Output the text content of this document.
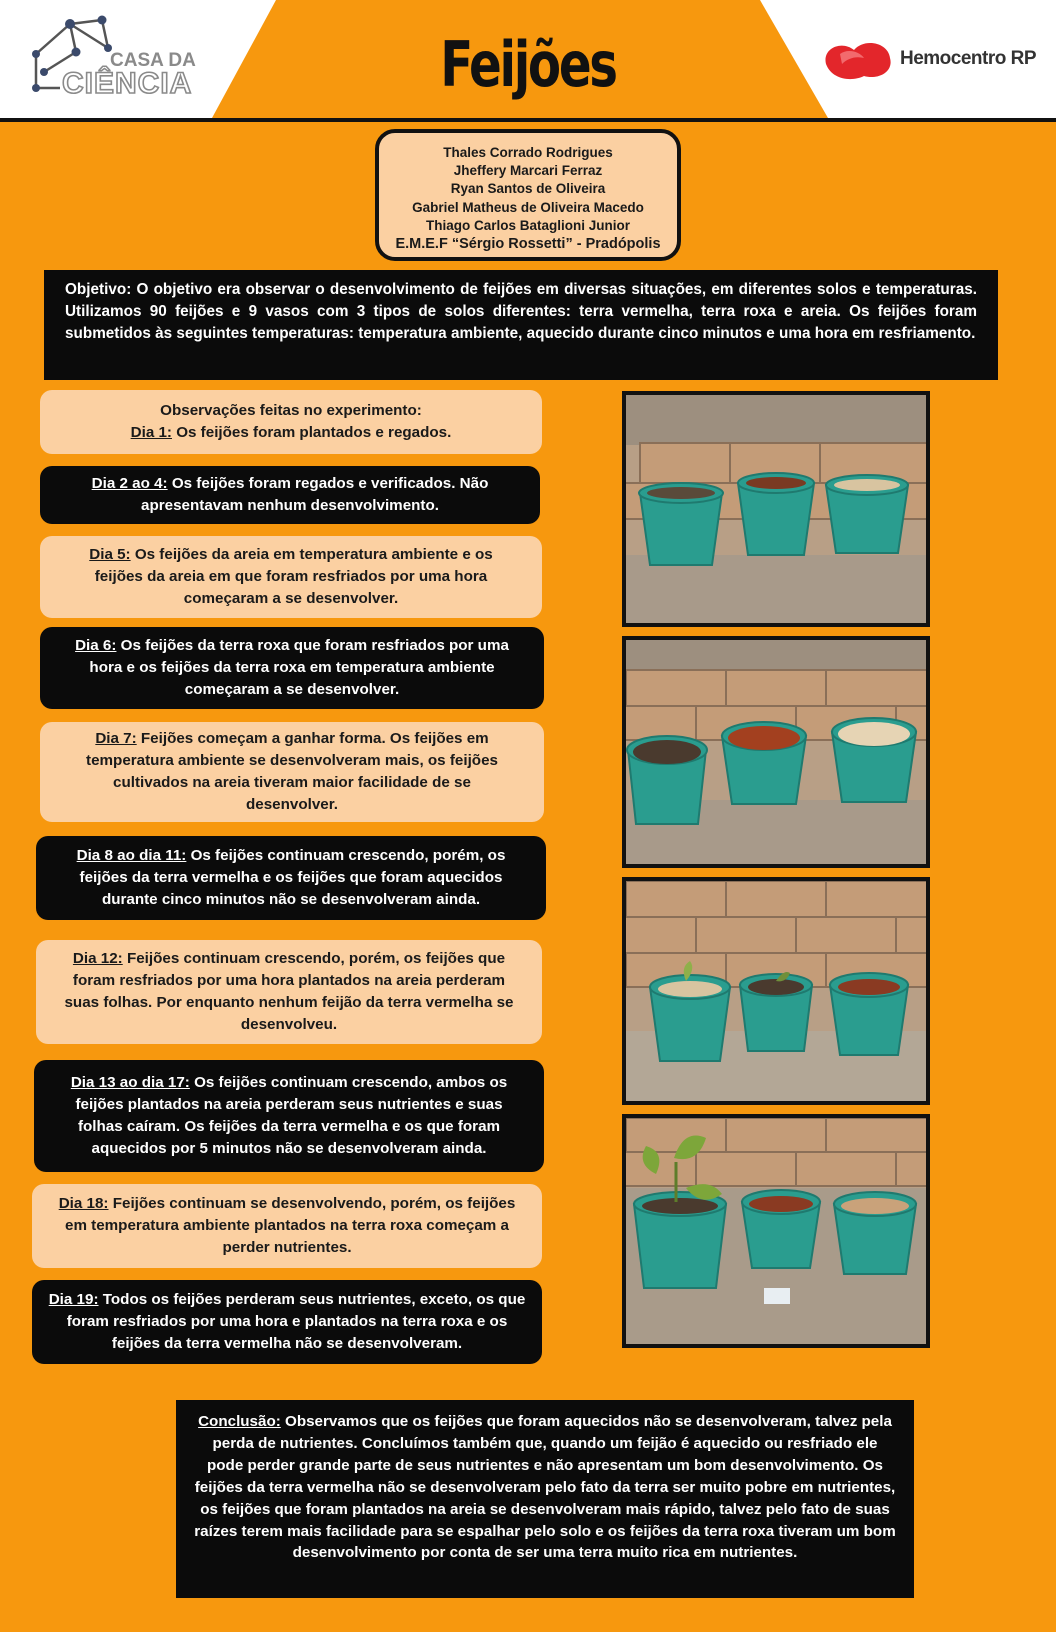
CASA DA
CIÊNCIA	Feijões	Hemocentro RP
Thales Corrado Rodrigues
Jheffery Marcari Ferraz
Ryan Santos de Oliveira
Gabriel Matheus de Oliveira Macedo
Thiago Carlos Bataglioni Junior
E.M.E.F “Sérgio Rossetti” - Pradópolis
Objetivo: O objetivo era observar o desenvolvimento de feijões em diversas situações, em diferentes solos e temperaturas. Utilizamos 90 feijões e 9 vasos com 3 tipos de solos diferentes: terra vermelha, terra roxa e areia. Os feijões foram submetidos às seguintes temperaturas: temperatura ambiente, aquecido durante cinco minutos e uma hora em resfriamento.
Observações feitas no experimento:
Dia 1: Os feijões foram plantados e regados.
Dia 2 ao 4: Os feijões foram regados e verificados. Não apresentavam nenhum desenvolvimento.
Dia 5: Os feijões da areia em temperatura ambiente e os feijões da areia em que foram resfriados por uma hora começaram a se desenvolver.
Dia 6: Os feijões da terra roxa que foram resfriados por uma hora e os feijões da terra roxa em temperatura ambiente começaram a se desenvolver.
Dia 7: Feijões começam a ganhar forma. Os feijões em temperatura ambiente se desenvolveram mais, os feijões cultivados na areia tiveram maior facilidade de se desenvolver.
Dia 8 ao dia 11: Os feijões continuam crescendo, porém, os feijões da terra vermelha e os feijões que foram aquecidos durante cinco minutos não se desenvolveram ainda.
Dia 12: Feijões continuam crescendo, porém, os feijões que foram resfriados por uma hora plantados na areia perderam suas folhas. Por enquanto nenhum feijão da terra vermelha se desenvolveu.
Dia 13 ao dia 17: Os feijões continuam crescendo, ambos os feijões plantados na areia perderam seus nutrientes e suas folhas caíram. Os feijões da terra vermelha e os que foram aquecidos por 5 minutos não se desenvolveram ainda.
Dia 18: Feijões continuam se desenvolvendo, porém, os feijões em temperatura ambiente plantados na terra roxa começam a perder nutrientes.
Dia 19: Todos os feijões perderam seus nutrientes, exceto, os que foram resfriados por uma hora e plantados na terra roxa e os feijões da terra vermelha não se desenvolveram.
Conclusão: Observamos que os feijões que foram aquecidos não se desenvolveram, talvez pela perda de nutrientes. Concluímos também que, quando um feijão é aquecido ou resfriado ele pode perder grande parte de seus nutrientes e não apresentam um bom desenvolvimento. Os feijões da terra vermelha não se desenvolveram pelo fato da terra ser muito pobre em nutrientes, os feijões que foram plantados na areia se desenvolveram mais rápido, talvez pelo fato de suas raízes terem mais facilidade para se espalhar pelo solo e os feijões da terra roxa tiveram um bom desenvolvimento por conta de ser uma terra muito rica em nutrientes.
